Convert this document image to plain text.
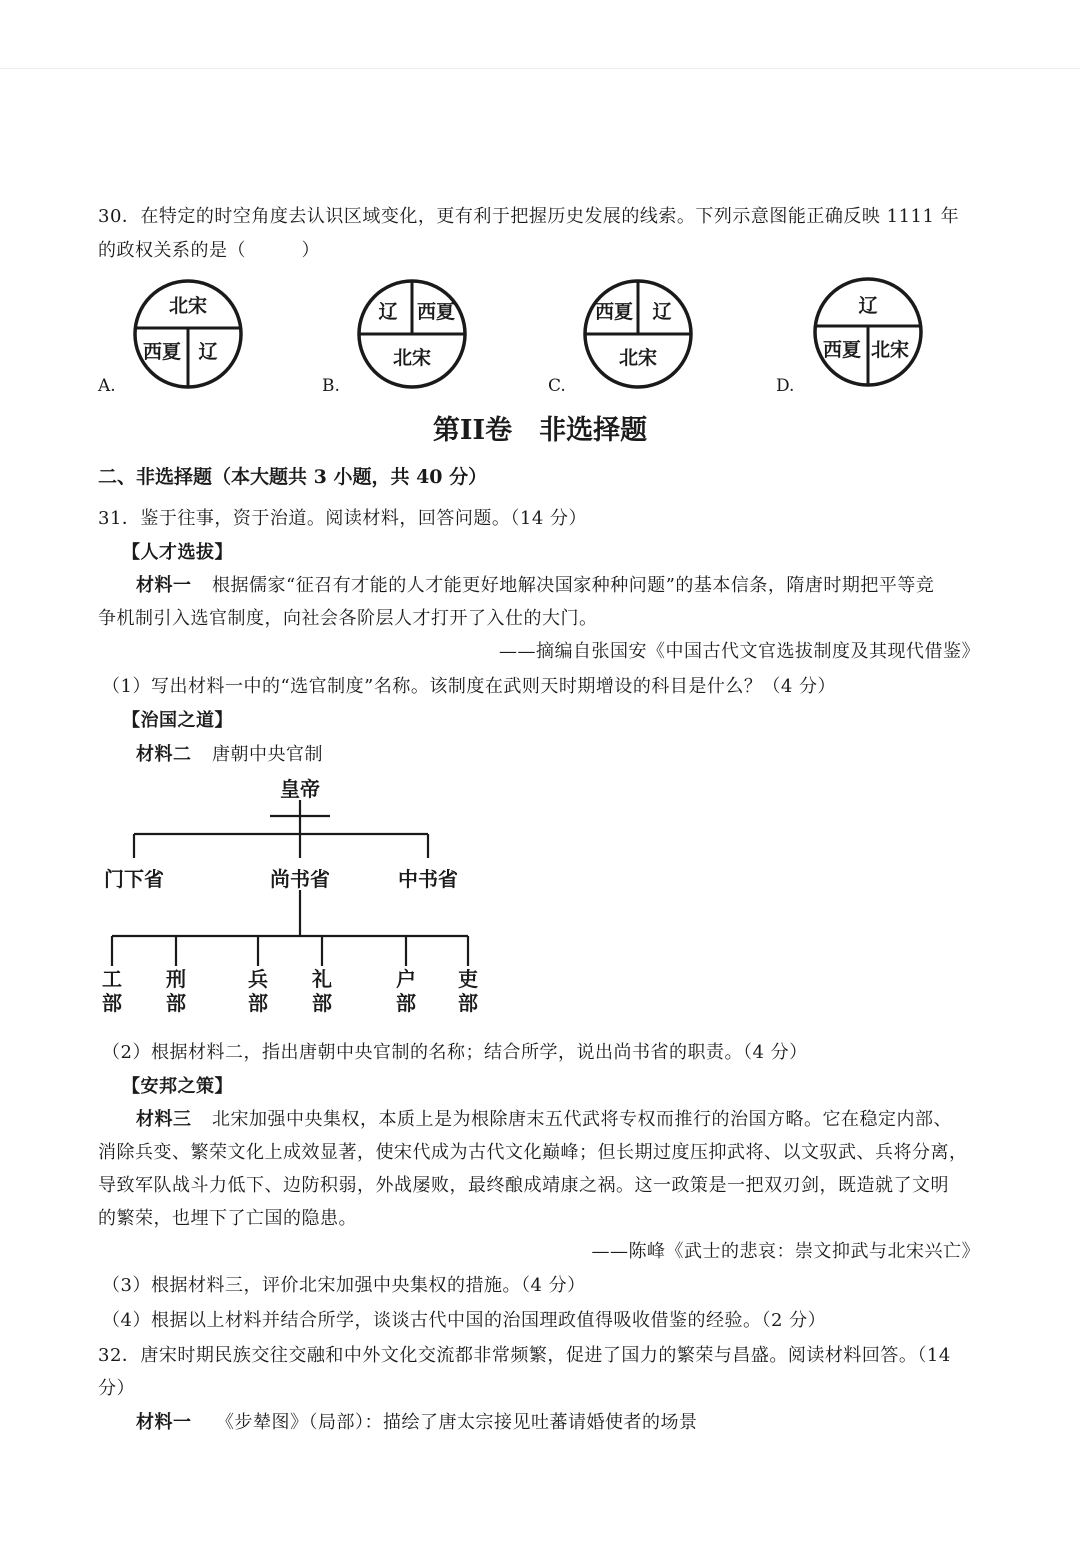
30．在特定的时空角度去认识区域变化，更有利于把握历史发展的线索。下列示意图能正确反映 1111 年
的政权关系的是（　　　）
北宋
西夏 辽
A.
辽 西夏
北宋
B.
西夏 辽
北宋
C.
辽
西夏 北宋
D.
第II卷　非选择题
二、非选择题（本大题共 3 小题，共 40 分）
31．鉴于往事，资于治道。阅读材料，回答问题。（14 分）
【人才选拔】
材料一 根据儒家“征召有才能的人才能更好地解决国家种种问题”的基本信条，隋唐时期把平等竞
争机制引入选官制度，向社会各阶层人才打开了入仕的大门。
——摘编自张国安《中国古代文官选拔制度及其现代借鉴》
（1）写出材料一中的“选官制度”名称。该制度在武则天时期增设的科目是什么？（4 分）
【治国之道】
材料二 唐朝中央官制
皇帝
门下省	尚书省	中书省
工
部
刑
部
兵
部
礼
部
户
部
吏
部
（2）根据材料二，指出唐朝中央官制的名称；结合所学，说出尚书省的职责。（4 分）
【安邦之策】
材料三 北宋加强中央集权，本质上是为根除唐末五代武将专权而推行的治国方略。它在稳定内部、
消除兵变、繁荣文化上成效显著，使宋代成为古代文化巅峰；但长期过度压抑武将、以文驭武、兵将分离，
导致军队战斗力低下、边防积弱，外战屡败，最终酿成靖康之祸。这一政策是一把双刃剑，既造就了文明
的繁荣，也埋下了亡国的隐患。
——陈峰《武士的悲哀：崇文抑武与北宋兴亡》
（3）根据材料三，评价北宋加强中央集权的措施。（4 分）
（4）根据以上材料并结合所学，谈谈古代中国的治国理政值得吸收借鉴的经验。（2 分）
32．唐宋时期民族交往交融和中外文化交流都非常频繁，促进了国力的繁荣与昌盛。阅读材料回答。（14
分）
材料一 《步辇图》（局部）：描绘了唐太宗接见吐蕃请婚使者的场景
